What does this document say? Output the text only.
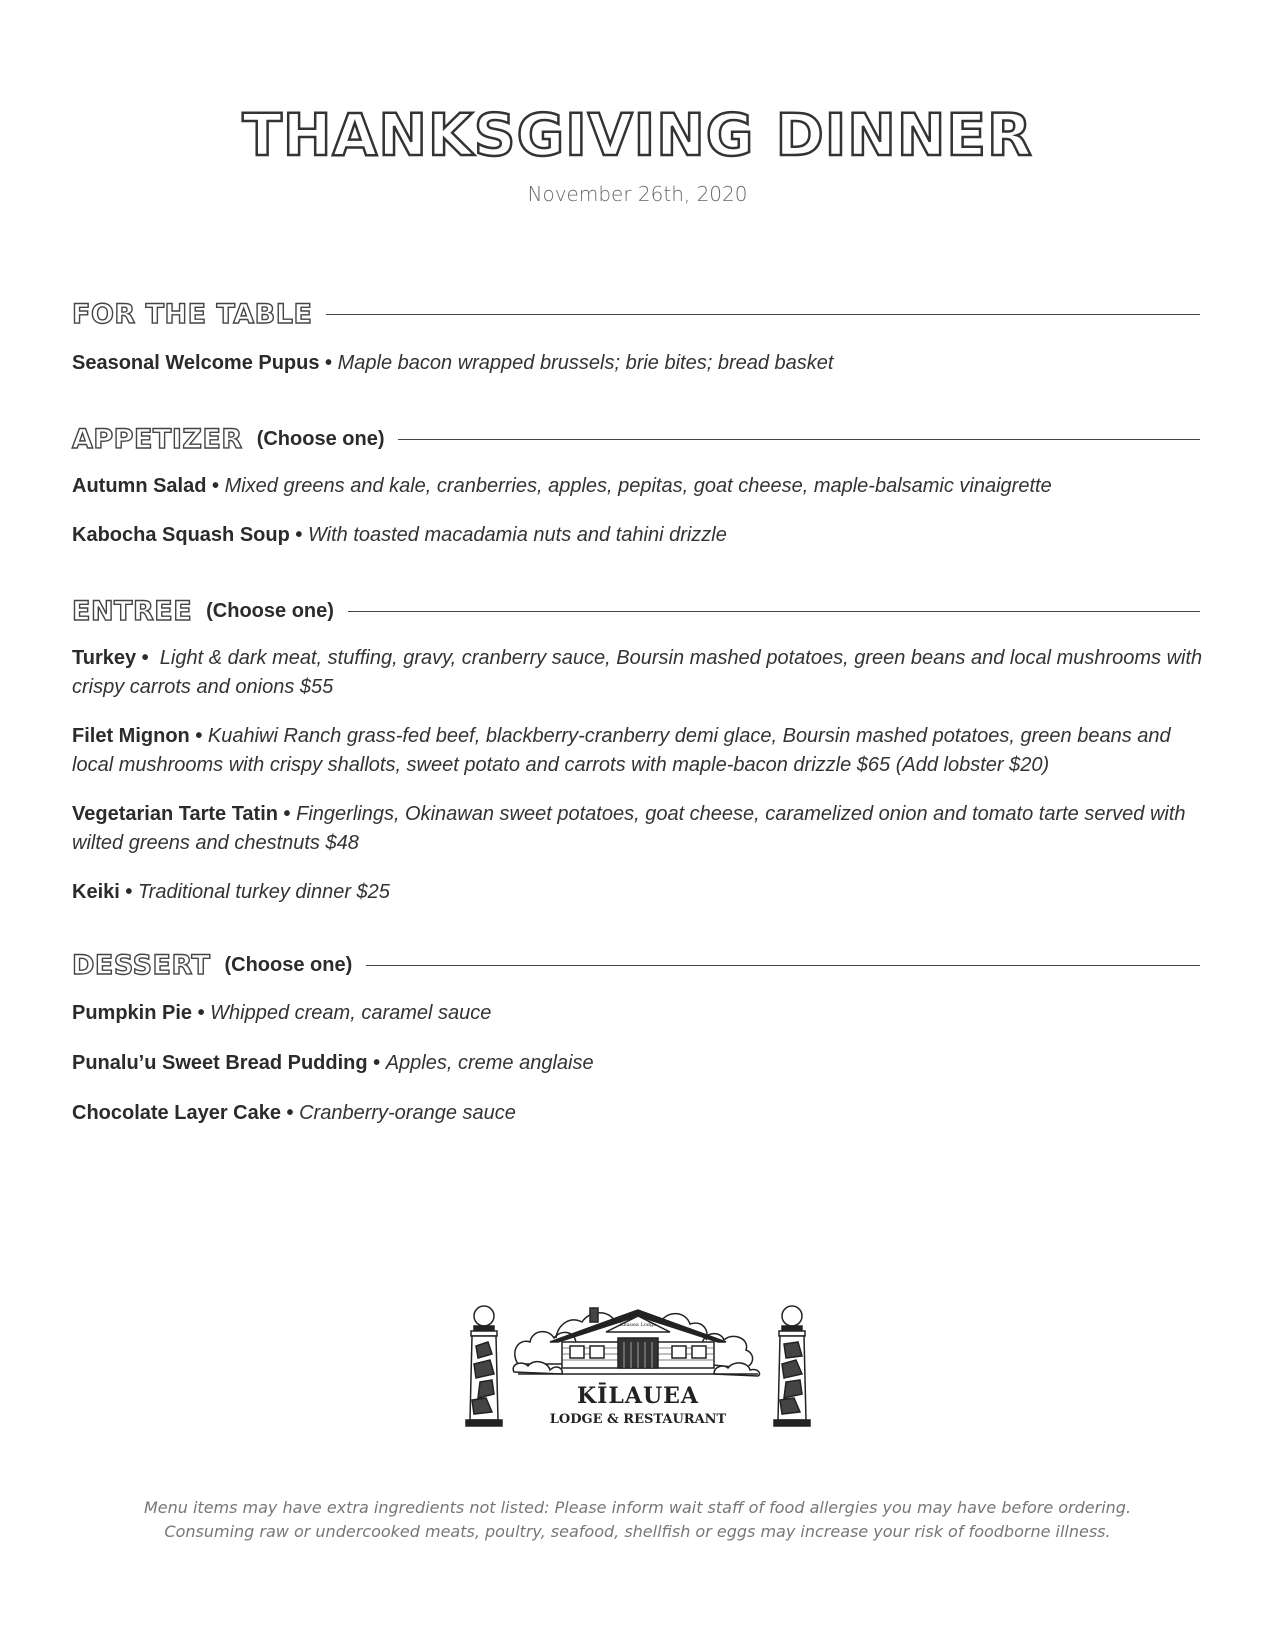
THANKSGIVING DINNER
November 26th, 2020
FOR THE TABLE
Seasonal Welcome Pupus • Maple bacon wrapped brussels; brie bites; bread basket
APPETIZER (Choose one)
Autumn Salad • Mixed greens and kale, cranberries, apples, pepitas, goat cheese, maple-balsamic vinaigrette
Kabocha Squash Soup • With toasted macadamia nuts and tahini drizzle
ENTREE (Choose one)
Turkey •  Light & dark meat, stuffing, gravy, cranberry sauce, Boursin mashed potatoes, green beans and local mushrooms with crispy carrots and onions $55
Filet Mignon • Kuahiwi Ranch grass-fed beef, blackberry-cranberry demi glace, Boursin mashed potatoes, green beans and local mushrooms with crispy shallots, sweet potato and carrots with maple-bacon drizzle $65 (Add lobster $20)
Vegetarian Tarte Tatin • Fingerlings, Okinawan sweet potatoes, goat cheese, caramelized onion and tomato tarte served with wilted greens and chestnuts $48
Keiki • Traditional turkey dinner $25
DESSERT (Choose one)
Pumpkin Pie • Whipped cream, caramel sauce
Punalu’u Sweet Bread Pudding • Apples, creme anglaise
Chocolate Layer Cake • Cranberry-orange sauce
Kilauea Lodge
KĪLAUEA
LODGE & RESTAURANT
Menu items may have extra ingredients not listed: Please inform wait staff of food allergies you may have before ordering.
Consuming raw or undercooked meats, poultry, seafood, shellfish or eggs may increase your risk of foodborne illness.
